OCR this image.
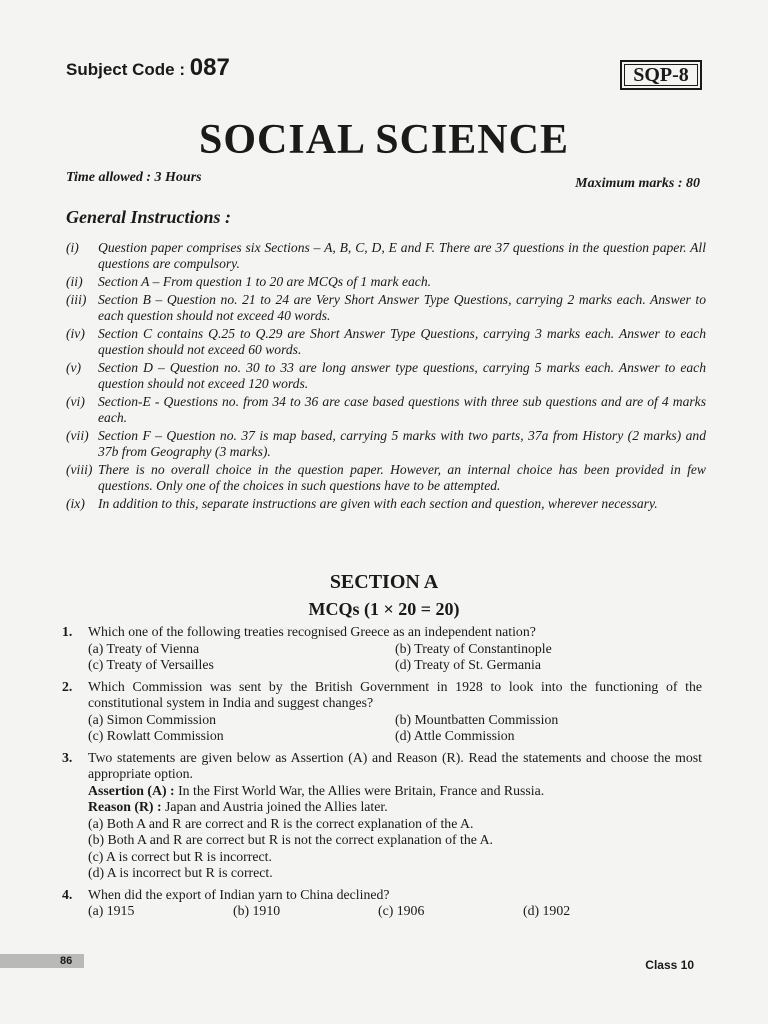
Subject Code : 087	SQP-8
SOCIAL SCIENCE
Time allowed : 3 Hours	Maximum marks : 80
General Instructions :
(i)	Question paper comprises six Sections – A, B, C, D, E and F. There are 37 questions in the question paper. All questions are compulsory.
(ii)	Section A – From question 1 to 20 are MCQs of 1 mark each.
(iii) Section B – Question no. 21 to 24 are Very Short Answer Type Questions, carrying 2 marks each. Answer to each question should not exceed 40 words.
(iv) Section C contains Q.25 to Q.29 are Short Answer Type Questions, carrying 3 marks each. Answer to each question should not exceed 60 words.
(v)	Section D – Question no. 30 to 33 are long answer type questions, carrying 5 marks each. Answer to each question should not exceed 120 words.
(vi) Section-E - Questions no. from 34 to 36 are case based questions with three sub questions and are of 4 marks each.
(vii) Section F – Question no. 37 is map based, carrying 5 marks with two parts, 37a from History (2 marks) and 37b from Geography (3 marks).
(viii) There is no overall choice in the question paper. However, an internal choice has been provided in few questions. Only one of the choices in such questions have to be attempted.
(ix) In addition to this, separate instructions are given with each section and question, wherever necessary.
SECTION A
MCQs (1 × 20 = 20)
1.	Which one of the following treaties recognised Greece as an independent nation?
(a) Treaty of Vienna	(b) Treaty of Constantinople
(c) Treaty of Versailles	(d) Treaty of St. Germania
2.	Which Commission was sent by the British Government in 1928 to look into the functioning of the constitutional system in India and suggest changes?
(a) Simon Commission	(b) Mountbatten Commission
(c) Rowlatt Commission	(d) Attle Commission
3.	Two statements are given below as Assertion (A) and Reason (R). Read the statements and choose the most appropriate option.
Assertion (A) : In the First World War, the Allies were Britain, France and Russia.
Reason (R) : Japan and Austria joined the Allies later.
(a) Both A and R are correct and R is the correct explanation of the A.
(b) Both A and R are correct but R is not the correct explanation of the A.
(c) A is correct but R is incorrect.
(d) A is incorrect but R is correct.
4.	When did the export of Indian yarn to China declined?
(a) 1915	(b) 1910	(c) 1906	(d) 1902
86	Class 10
